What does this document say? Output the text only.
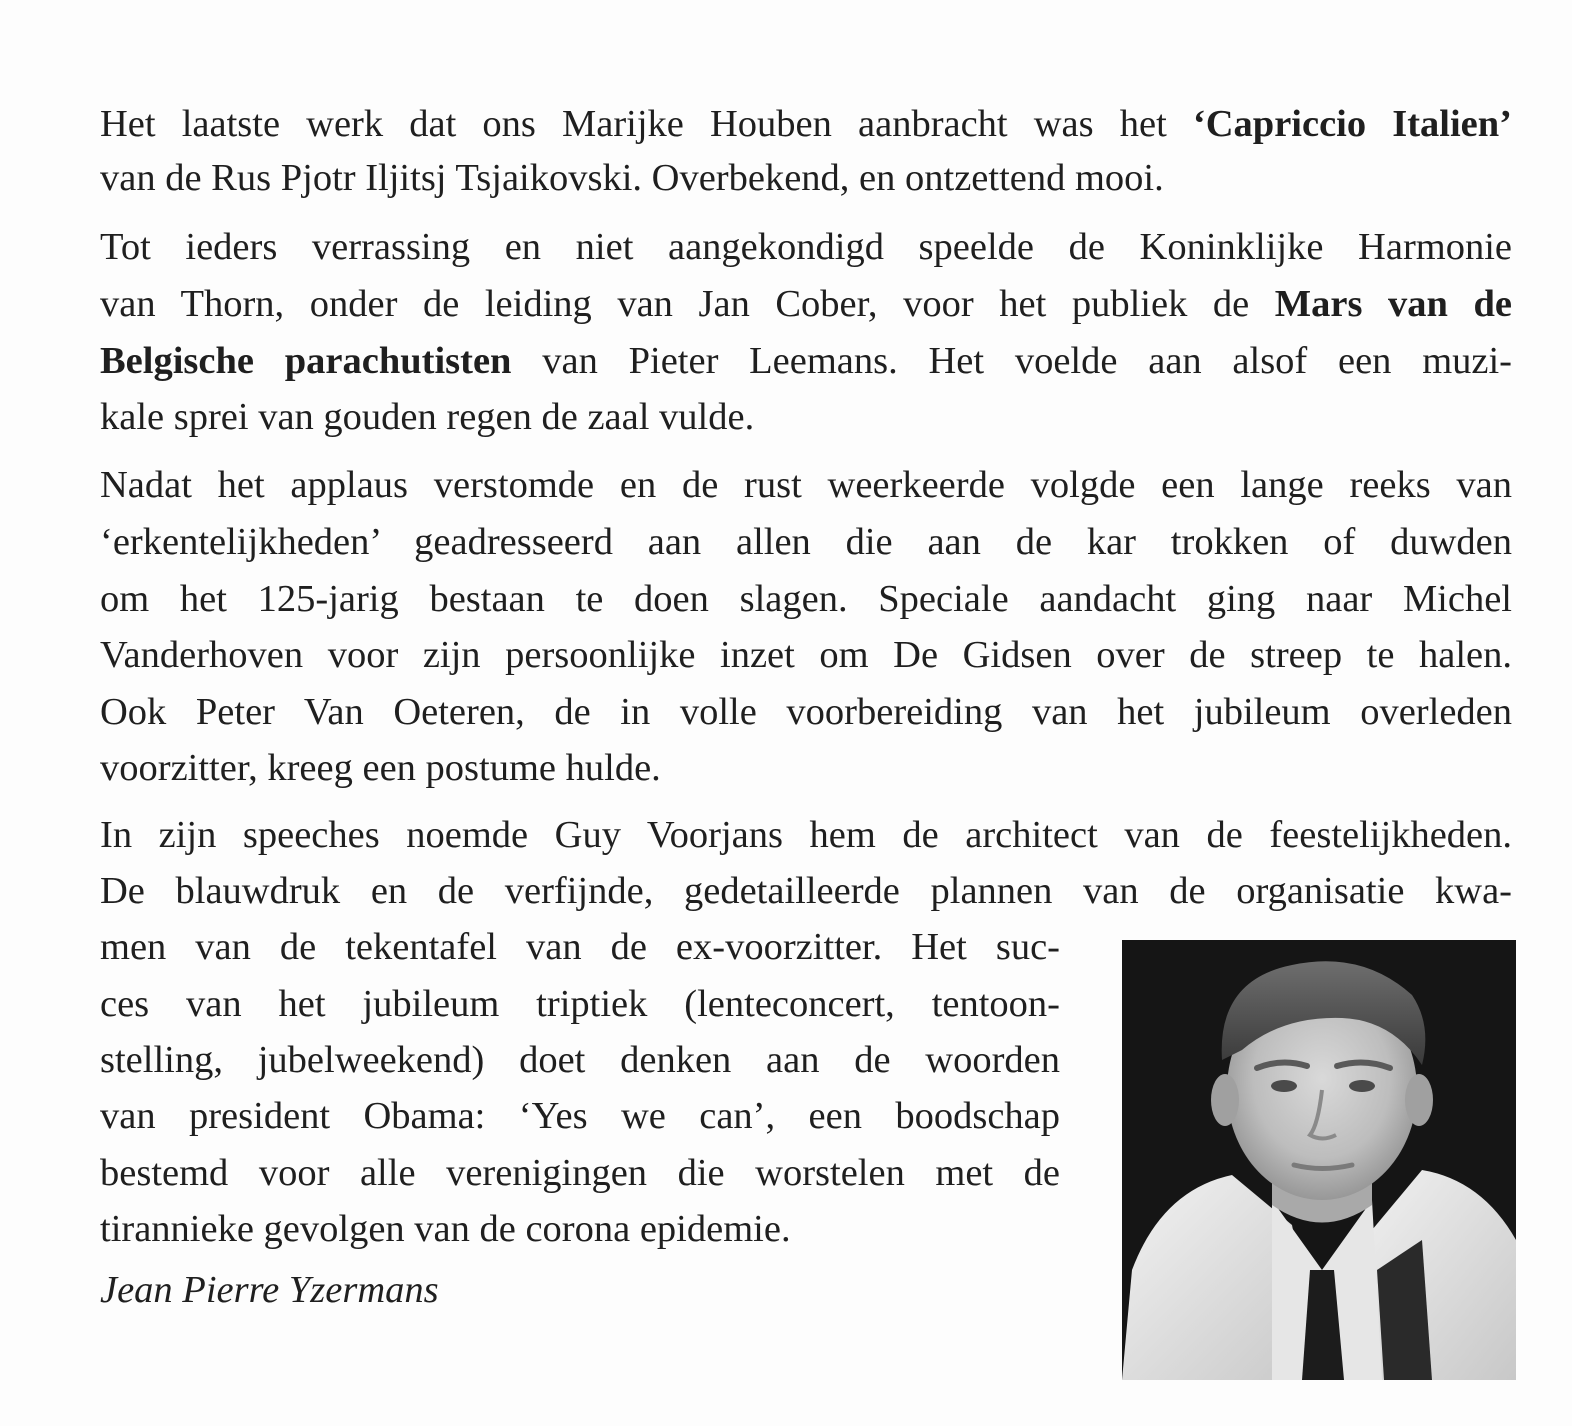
Het laatste werk dat ons Marijke Houben aanbracht was het ‘Capriccio Italien’
van de Rus Pjotr Iljitsj Tsjaikovski. Overbekend, en ontzettend mooi.
Tot ieders verrassing en niet aangekondigd speelde de Koninklijke Harmonie
van Thorn, onder de leiding van Jan Cober, voor het publiek de Mars van de
Belgische parachutisten van Pieter Leemans. Het voelde aan alsof een muzi-
kale sprei van gouden regen de zaal vulde.
Nadat het applaus verstomde en de rust weerkeerde volgde een lange reeks van
‘erkentelijkheden’ geadresseerd aan allen die aan de kar trokken of duwden
om het 125-jarig bestaan te doen slagen. Speciale aandacht ging naar Michel
Vanderhoven voor zijn persoonlijke inzet om De Gidsen over de streep te halen.
Ook Peter Van Oeteren, de in volle voorbereiding van het jubileum overleden
voorzitter, kreeg een postume hulde.
In zijn speeches noemde Guy Voorjans hem de architect van de feestelijkheden.
De blauwdruk en de verfijnde, gedetailleerde plannen van de organisatie kwa-
men van de tekentafel van de ex-voorzitter. Het suc-
ces van het jubileum triptiek (lenteconcert, tentoon-
stelling, jubelweekend) doet denken aan de woorden
van president Obama: ‘Yes we can’, een boodschap
bestemd voor alle verenigingen die worstelen met de
tirannieke gevolgen van de corona epidemie.
Jean Pierre Yzermans
